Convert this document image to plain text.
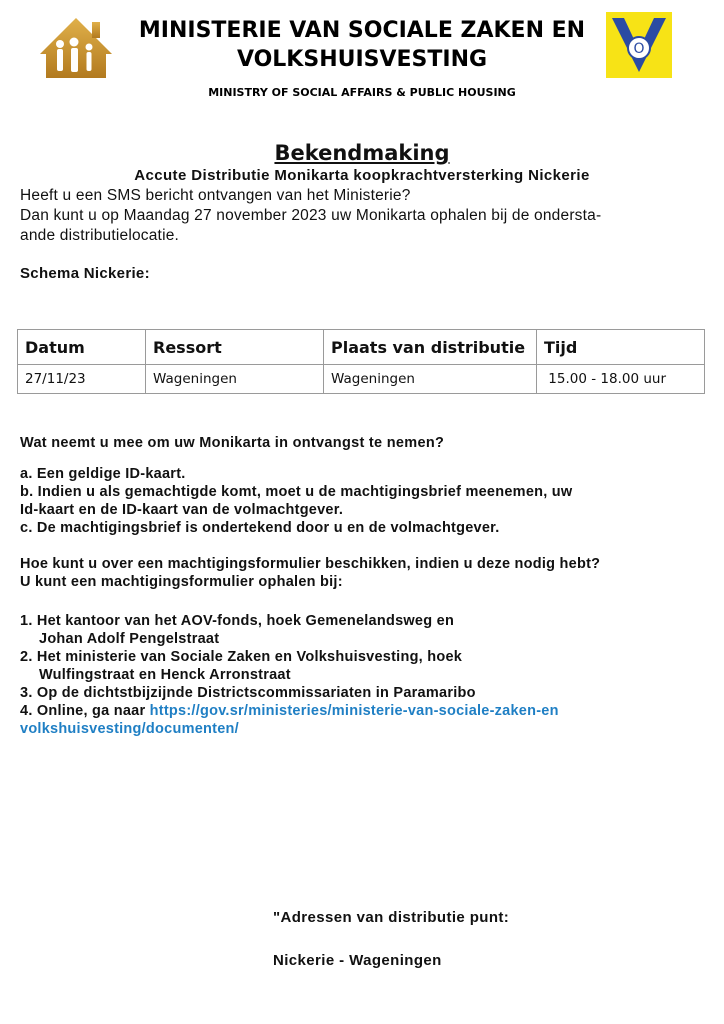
O
MINISTERIE VAN SOCIALE ZAKEN EN
VOLKSHUISVESTING
MINISTRY OF SOCIAL AFFAIRS & PUBLIC HOUSING
Bekendmaking
Accute Distributie Monikarta koopkrachtversterking Nickerie
Heeft u een SMS bericht ontvangen van het Ministerie?
Dan kunt u op Maandag 27 november 2023 uw Monikarta ophalen bij de ondersta-
ande distributielocatie.
Schema Nickerie:
Datum	Ressort	Plaats van distributie	Tijd
27/11/23	Wageningen	Wageningen	15.00 - 18.00 uur
Wat neemt u mee om uw Monikarta in ontvangst te nemen?
a. Een geldige ID-kaart.
b. Indien u als gemachtigde komt, moet u de machtigingsbrief meenemen, uw
Id-kaart en de ID-kaart van de volmachtgever.
c. De machtigingsbrief is ondertekend door u en de volmachtgever.
Hoe kunt u over een machtigingsformulier beschikken, indien u deze nodig hebt?
U kunt een machtigingsformulier ophalen bij:
1. Het kantoor van het AOV-fonds, hoek Gemenelandsweg en
Johan Adolf Pengelstraat
2. Het ministerie van Sociale Zaken en Volkshuisvesting, hoek
Wulfingstraat en Henck Arronstraat
3. Op de dichtstbijzijnde Districtscommissariaten in Paramaribo
4. Online, ga naar https://gov.sr/ministeries/ministerie-van-sociale-zaken-en
volkshuisvesting/documenten/
"Adressen van distributie punt:
Nickerie - Wageningen
